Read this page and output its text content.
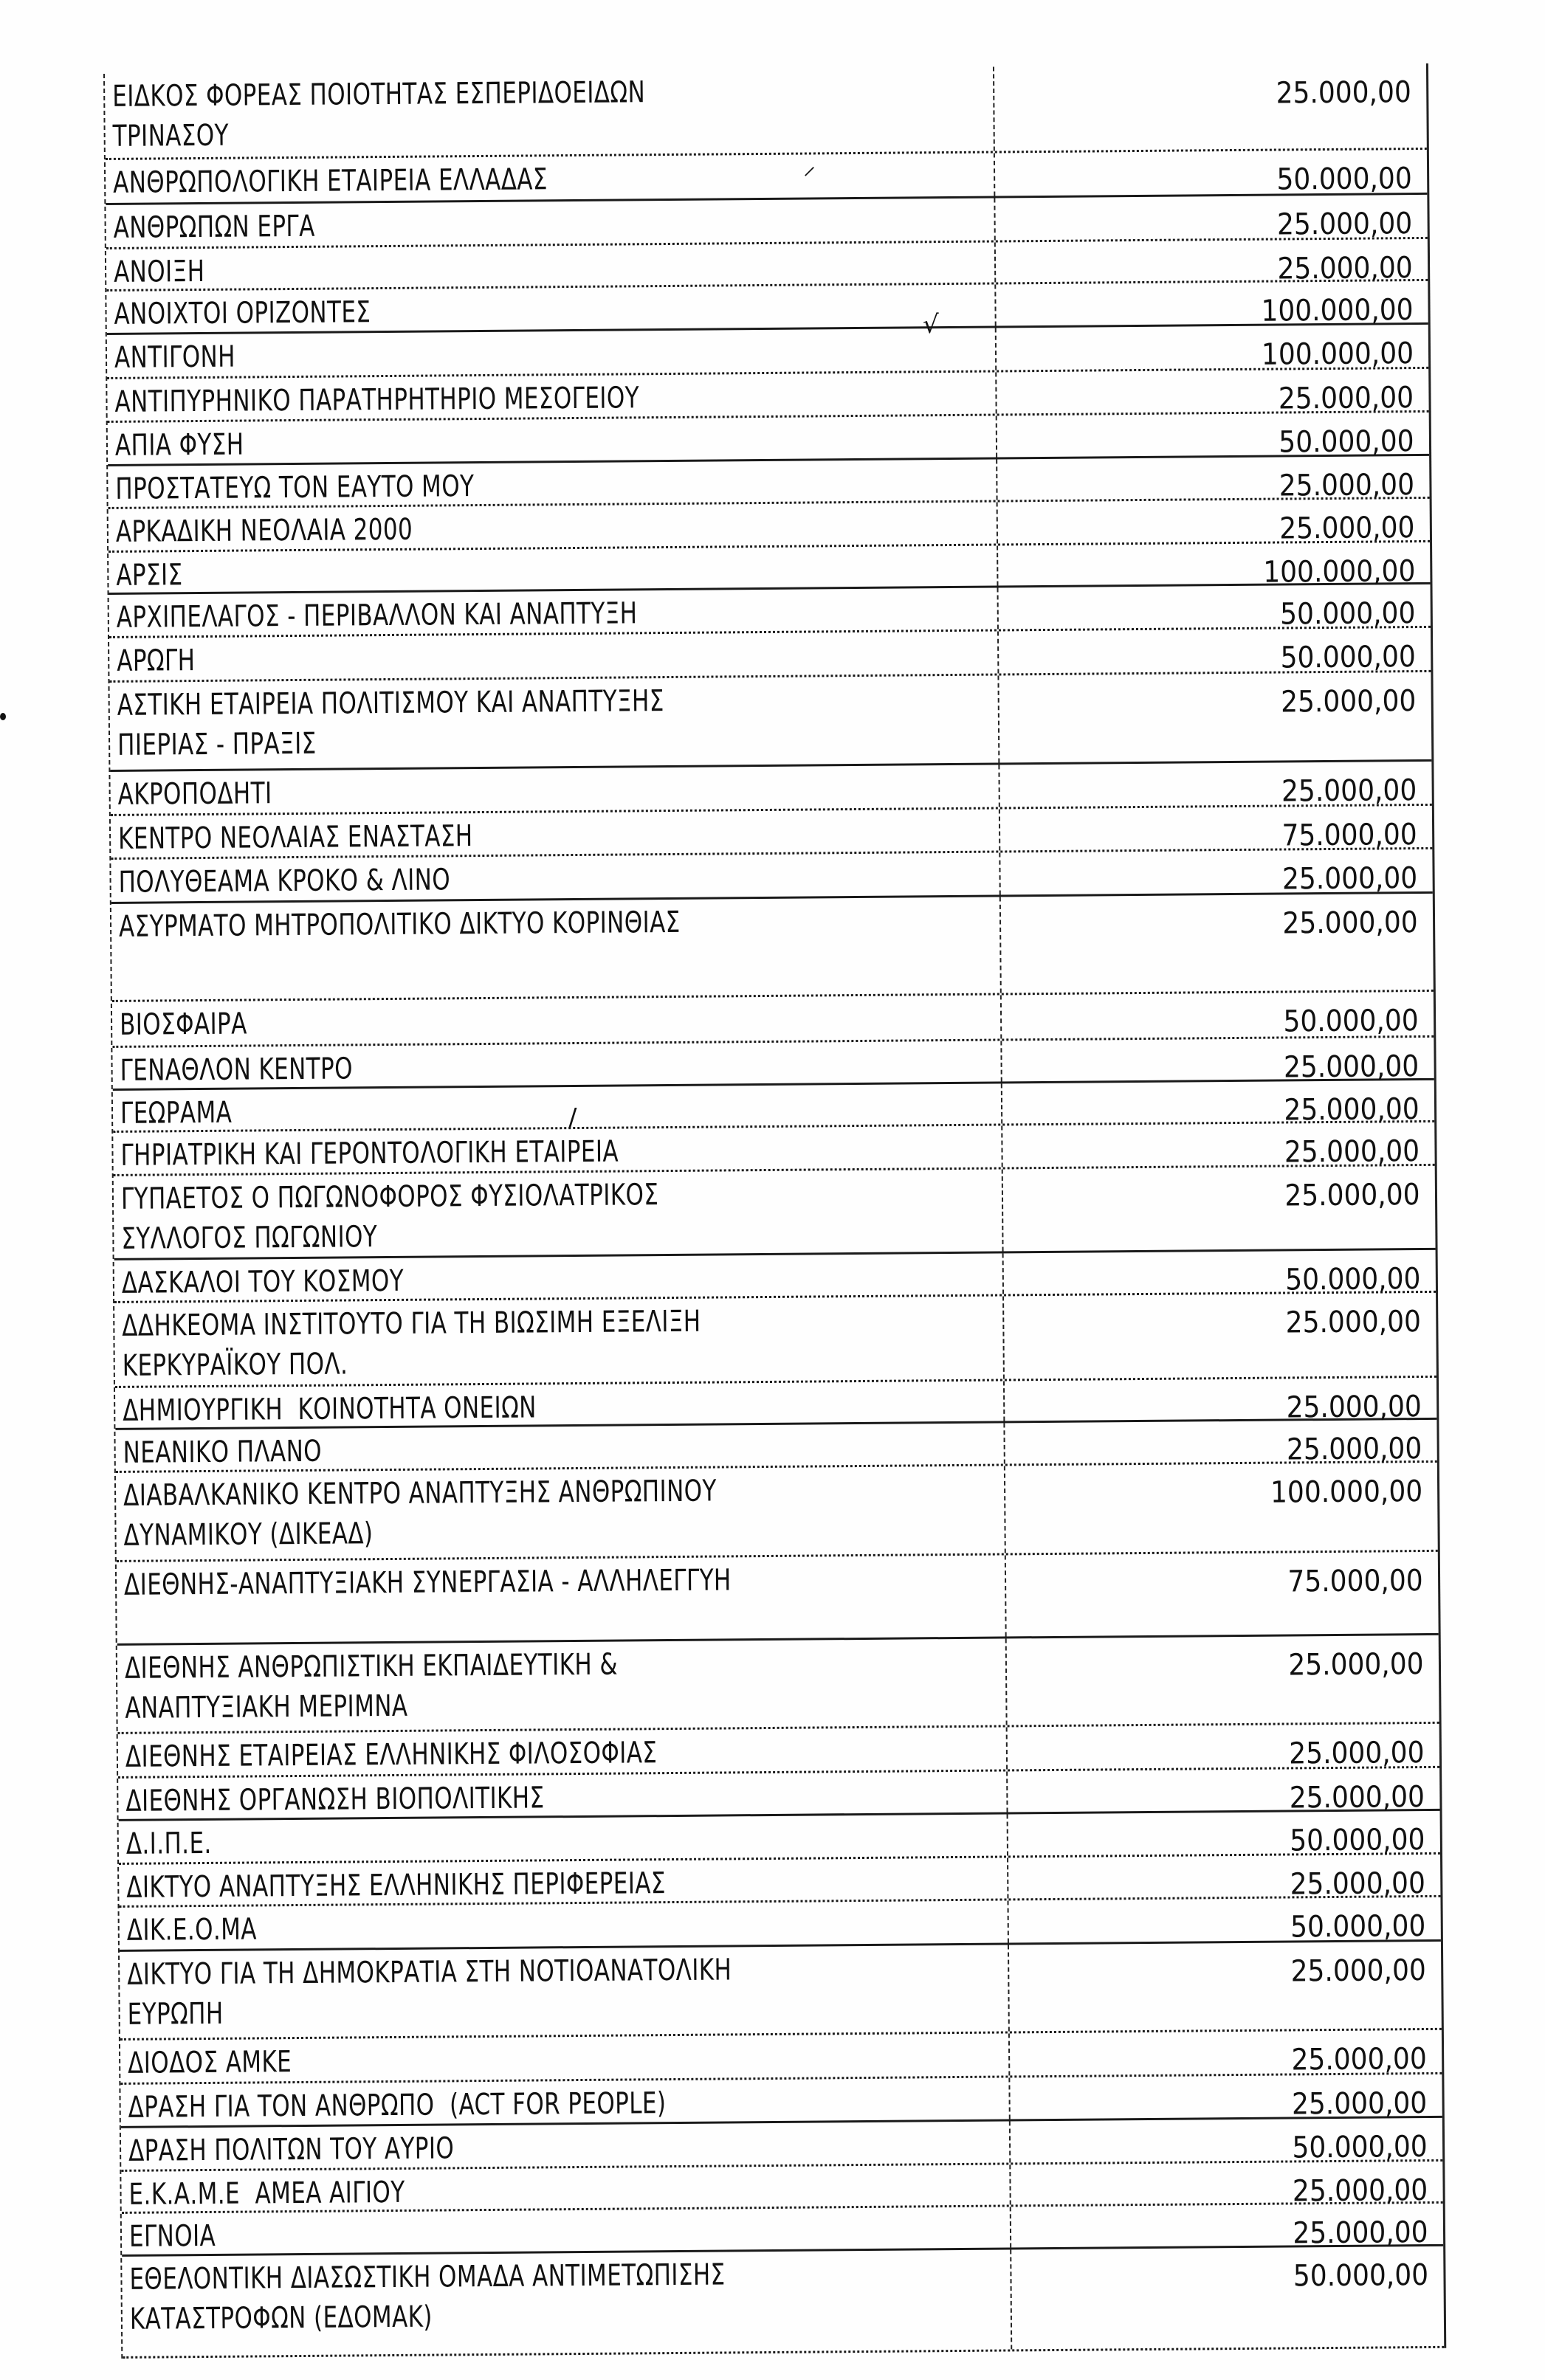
ΕΙΔΚΟΣ ΦΟΡΕΑΣ ΠΟΙΟΤΗΤΑΣ ΕΣΠΕΡΙΔΟΕΙΔΩΝ
ΤΡΙΝΑΣΟΥ
25.000,00
ΑΝΘΡΩΠΟΛΟΓΙΚΗ ΕΤΑΙΡΕΙΑ ΕΛΛΑΔΑΣ	50.000,00
ΑΝΘΡΩΠΩΝ ΕΡΓΑ	25.000,00
ΑΝΟΙΞΗ	25.000,00
ΑΝΟΙΧΤΟΙ ΟΡΙΖΟΝΤΕΣ	100.000,00
ΑΝΤΙΓΟΝΗ	100.000,00
ΑΝΤΙΠΥΡΗΝΙΚΟ ΠΑΡΑΤΗΡΗΤΗΡΙΟ ΜΕΣΟΓΕΙΟΥ	25.000,00
ΑΠΙΑ ΦΥΣΗ	50.000,00
ΠΡΟΣΤΑΤΕΥΩ ΤΟΝ ΕΑΥΤΟ ΜΟΥ	25.000,00
ΑΡΚΑΔΙΚΗ ΝΕΟΛΑΙΑ 2000	25.000,00
ΑΡΣΙΣ	100.000,00
ΑΡΧΙΠΕΛΑΓΟΣ - ΠΕΡΙΒΑΛΛΟΝ ΚΑΙ ΑΝΑΠΤΥΞΗ	50.000,00
ΑΡΩΓΗ	50.000,00
ΑΣΤΙΚΗ ΕΤΑΙΡΕΙΑ ΠΟΛΙΤΙΣΜΟΥ ΚΑΙ ΑΝΑΠΤΥΞΗΣ
ΠΙΕΡΙΑΣ - ΠΡΑΞΙΣ
25.000,00
ΑΚΡΟΠΟΔΗΤΙ	25.000,00
ΚΕΝΤΡΟ ΝΕΟΛΑΙΑΣ ΕΝΑΣΤΑΣΗ	75.000,00
ΠΟΛΥΘΕΑΜΑ ΚΡΟΚΟ & ΛΙΝΟ	25.000,00
ΑΣΥΡΜΑΤΟ ΜΗΤΡΟΠΟΛΙΤΙΚΟ ΔΙΚΤΥΟ ΚΟΡΙΝΘΙΑΣ	25.000,00
ΒΙΟΣΦΑΙΡΑ	50.000,00
ΓΕΝΑΘΛΟΝ ΚΕΝΤΡΟ	25.000,00
ΓΕΩΡΑΜΑ	25.000,00
ΓΗΡΙΑΤΡΙΚΗ ΚΑΙ ΓΕΡΟΝΤΟΛΟΓΙΚΗ ΕΤΑΙΡΕΙΑ	25.000,00
ΓΥΠΑΕΤΟΣ Ο ΠΩΓΩΝΟΦΟΡΟΣ ΦΥΣΙΟΛΑΤΡΙΚΟΣ
ΣΥΛΛΟΓΟΣ ΠΩΓΩΝΙΟΥ
25.000,00
ΔΑΣΚΑΛΟΙ ΤΟΥ ΚΟΣΜΟΥ	50.000,00
ΔΔΗΚΕΟΜΑ ΙΝΣΤΙΤΟΥΤΟ ΓΙΑ ΤΗ ΒΙΩΣΙΜΗ ΕΞΕΛΙΞΗ
ΚΕΡΚΥΡΑΪΚΟΥ ΠΟΛ.
25.000,00
ΔΗΜΙΟΥΡΓΙΚΗ  ΚΟΙΝΟΤΗΤΑ ΟΝΕΙΩΝ	25.000,00
ΝΕΑΝΙΚΟ ΠΛΑΝΟ	25.000,00
ΔΙΑΒΑΛΚΑΝΙΚΟ ΚΕΝΤΡΟ ΑΝΑΠΤΥΞΗΣ ΑΝΘΡΩΠΙΝΟΥ
ΔΥΝΑΜΙΚΟΥ (ΔΙΚΕΑΔ)
100.000,00
ΔΙΕΘΝΗΣ-ΑΝΑΠΤΥΞΙΑΚΗ ΣΥΝΕΡΓΑΣΙΑ - ΑΛΛΗΛΕΓΓΥΗ	75.000,00
ΔΙΕΘΝΗΣ ΑΝΘΡΩΠΙΣΤΙΚΗ ΕΚΠΑΙΔΕΥΤΙΚΗ &
ΑΝΑΠΤΥΞΙΑΚΗ ΜΕΡΙΜΝΑ
25.000,00
ΔΙΕΘΝΗΣ ΕΤΑΙΡΕΙΑΣ ΕΛΛΗΝΙΚΗΣ ΦΙΛΟΣΟΦΙΑΣ	25.000,00
ΔΙΕΘΝΗΣ ΟΡΓΑΝΩΣΗ ΒΙΟΠΟΛΙΤΙΚΗΣ	25.000,00
Δ.Ι.Π.Ε.	50.000,00
ΔΙΚΤΥΟ ΑΝΑΠΤΥΞΗΣ ΕΛΛΗΝΙΚΗΣ ΠΕΡΙΦΕΡΕΙΑΣ	25.000,00
ΔΙΚ.Ε.Ο.ΜΑ	50.000,00
ΔΙΚΤΥΟ ΓΙΑ ΤΗ ΔΗΜΟΚΡΑΤΙΑ ΣΤΗ ΝΟΤΙΟΑΝΑΤΟΛΙΚΗ
ΕΥΡΩΠΗ
25.000,00
ΔΙΟΔΟΣ ΑΜΚΕ	25.000,00
ΔΡΑΣΗ ΓΙΑ ΤΟΝ ΑΝΘΡΩΠΟ  (ACT FOR PEOPLE)	25.000,00
ΔΡΑΣΗ ΠΟΛΙΤΩΝ ΤΟΥ ΑΥΡΙΟ	50.000,00
Ε.Κ.Α.Μ.Ε  ΑΜΕΑ ΑΙΓΙΟΥ	25.000,00
ΕΓΝΟΙΑ	25.000,00
ΕΘΕΛΟΝΤΙΚΗ ΔΙΑΣΩΣΤΙΚΗ ΟΜΑΔΑ ΑΝΤΙΜΕΤΩΠΙΣΗΣ
ΚΑΤΑΣΤΡΟΦΩΝ (ΕΔΟΜΑΚ)
50.000,00
⸝
√
/
